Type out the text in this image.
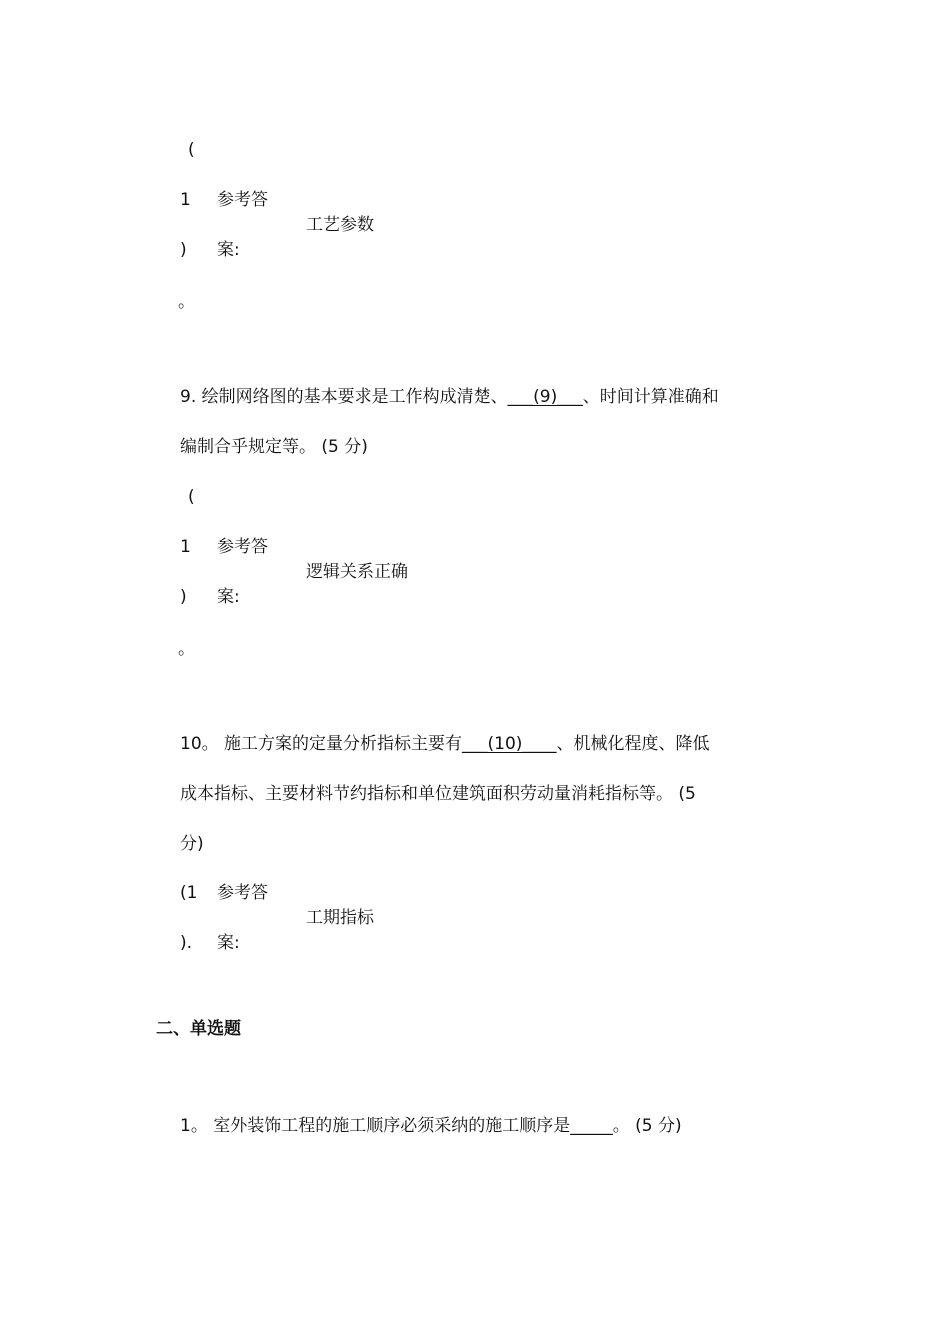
(
1 参考答
工艺参数
) 案:
。
9. 绘制网络图的基本要求是工作构成清楚、___(9)___、时间计算准确和
编制合乎规定等。 (5 分)
(
1 参考答
逻辑关系正确
) 案:
。
10。 施工方案的定量分析指标主要有___(10)____、机械化程度、降低
成本指标、主要材料节约指标和单位建筑面积劳动量消耗指标等。 (5
分)
(1 参考答
工期指标
). 案:
二、单选题
1。 室外装饰工程的施工顺序必须采纳的施工顺序是_____。 (5 分)
